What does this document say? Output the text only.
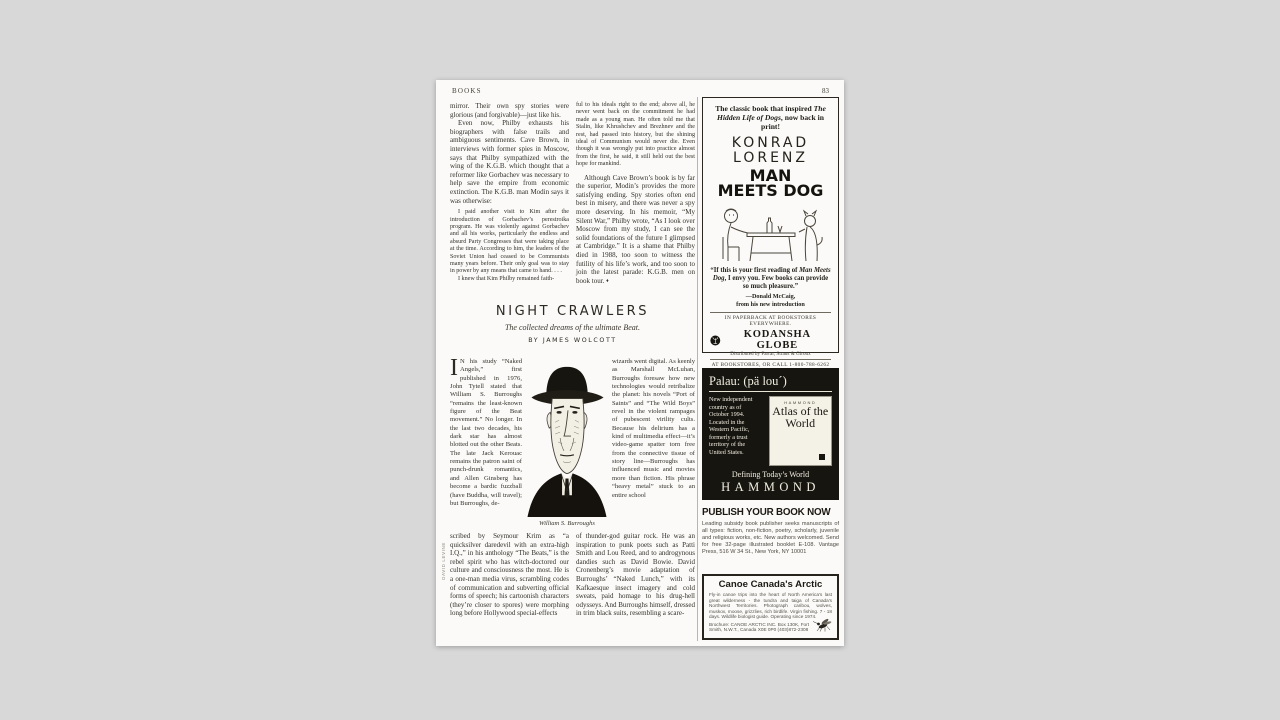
BOOKS	83

mirror. Their own spy stories were glorious (and forgivable)—just like his.

Even now, Philby exhausts his biographers with false trails and ambiguous sentiments. Cave Brown, in interviews with former spies in Moscow, says that Philby sympathized with the wing of the K.G.B. which thought that a reformer like Gorbachev was necessary to help save the empire from economic extinction. The K.G.B. man Modin says it was otherwise:

I paid another visit to Kim after the introduction of Gorbachev’s perestroika program. He was violently against Gorbachev and all his works, particularly the endless and absurd Party Congresses that were taking place at the time. According to him, the leaders of the Soviet Union had ceased to be Communists many years before. Their only goal was to stay in power by any means that came to hand. . . .

I knew that Kim Philby remained faith-

ful to his ideals right to the end; above all, he never went back on the commitment he had made as a young man. He often told me that Stalin, like Khrushchev and Brezhnev and the rest, had passed into history, but the shining ideal of Communism would never die. Even though it was wrongly put into practice almost from the first, he said, it still held out the best hope for mankind.

Although Cave Brown’s book is by far the superior, Modin’s provides the more satisfying ending. Spy stories often end best in misery, and there was never a spy more deserving. In his memoir, “My Silent War,” Philby wrote, “As I look over Moscow from my study, I can see the solid foundations of the future I glimpsed at Cambridge.” It is a shame that Philby died in 1988, too soon to witness the futility of his life’s work, and too soon to join the latest parade: K.G.B. men on book tour. ♦

NIGHT CRAWLERS
The collected dreams of the ultimate Beat.
BY JAMES WOLCOTT

I N his study “Naked Angels,” first published in 1976, John Tytell stated that William S. Burroughs “remains the least-known figure of the Beat movement.” No longer. In the last two decades, his dark star has almost blotted out the other Beats. The late Jack Kerouac remains the patron saint of punch-drunk romantics, and Allen Ginsberg has become a bardic fuzzball (have Buddha, will travel); but Burroughs, de-

wizards went digital. As keenly as Marshall McLuhan, Burroughs foresaw how new technologies would retribalize the planet: his novels “Port of Saints” and “The Wild Boys” revel in the violent rampages of pubescent virility cults. Because his delirium has a kind of multimedia effect—it’s video-game spatter torn free from the connective tissue of story line—Burroughs has influenced music and movies more than fiction. His phrase “heavy metal” stuck to an entire school

William S. Burroughs
DAVID LEVINE

scribed by Seymour Krim as “a quicksilver daredevil with an extra-high I.Q.,” in his anthology “The Beats,” is the rebel spirit who has witch-doctored our culture and consciousness the most. He is a one-man media virus, scrambling codes of communication and subverting official forms of speech; his cartoonish characters (they’re closer to spores) were morphing long before Hollywood special-effects

of thunder-god guitar rock. He was an inspiration to punk poets such as Patti Smith and Lou Reed, and to androgynous dandies such as David Bowie. David Cronenberg’s movie adaptation of Burroughs’ “Naked Lunch,” with its Kafkaesque insect imagery and cold sweats, paid homage to his drug-hell odysseys. And Burroughs himself, dressed in trim black suits, resembling a scare-

The classic book that inspired The Hidden Life of Dogs, now back in print!
KONRAD
LORENZ
MAN
MEETS DOG
“If this is your first reading of Man Meets Dog, I envy you. Few books can provide so much pleasure.”
—Donald McCaig,
from his new introduction
IN PAPERBACK AT BOOKSTORES EVERYWHERE.
KODANSHA GLOBE
Distributed by Farrar, Straus & Giroux
AT BOOKSTORES, OR CALL 1-800-788-6262
Palau: (pä lou´)
New independent country as of October 1994. Located in the Western Pacific, formerly a trust territory of the United States.
HAMMOND
Atlas of the World
Defining Today’s World
HAMMOND
PUBLISH YOUR BOOK NOW
Leading subsidy book publisher seeks manuscripts of all types: fiction, non-fiction, poetry, scholarly, juvenile and religious works, etc. New authors welcomed. Send for free 32-page illustrated booklet E-108. Vantage Press, 516 W 34 St., New York, NY 10001
Canoe Canada's Arctic
Fly-in canoe trips into the heart of North America's last great wilderness - the tundra and taiga of Canada's Northwest Territories. Photograph caribou, wolves, muskox, moose, grizzlies, rich birdlife. Virgin fishing. 7 - 18 days. Wildlife biologist guide. Operating since 1974.
Brochure: CANOE ARCTIC INC. Box 130K, Fort Smith, N.W.T., Canada X0E 0P0 (403)872-2308
